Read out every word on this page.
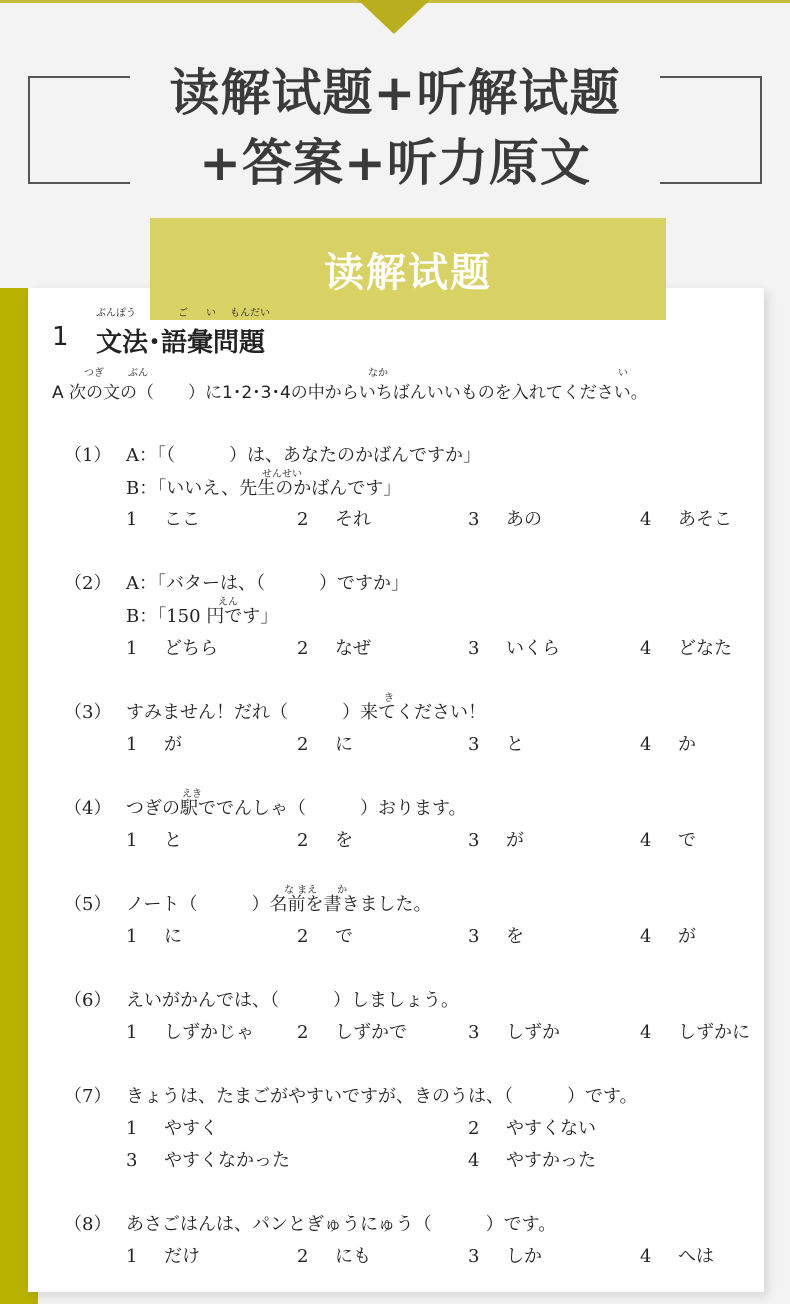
读解试题+听解试题
+答案+听力原文
读解试题
ぶんぽう	ご い もんだい
1 文法･語彙問題
つぎ ぶん	なか	い
A 次の文の（　　）に1･2･3･4の中からいちばんいいものを入れてください。
（1） A：「（　　　）は、あなたのかばんですか」
せんせい
B：「いいえ、先生のかばんです」
1 ここ	2 それ	3 あの	4 あそこ
（2） A：「バターは、（　　　）ですか」
えん
B：「150 円です」
1 どちら	2 なぜ	3 いくら	4 どなた
き
（3） すみません！だれ（　　　）来てください！
1 が	2 に	3 と	4 か
えき
（4） つぎの駅ででんしゃ（　　　）おります。
1 と	2 を	3 が	4 で
な まえ　　か
（5） ノート（　　　）名前を書きました。
1 に	2 で	3 を	4 が
（6） えいがかんでは、（　　　）しましょう。
1 しずかじゃ 2 しずかで	3 しずか	4 しずかに
（7） きょうは、たまごがやすいですが、きのうは、（　　　）です。
1 やすく	2 やすくない
3 やすくなかった	4 やすかった
（8） あさごはんは、パンとぎゅうにゅう（　　　）です。
1 だけ	2 にも	3 しか	4 へは
